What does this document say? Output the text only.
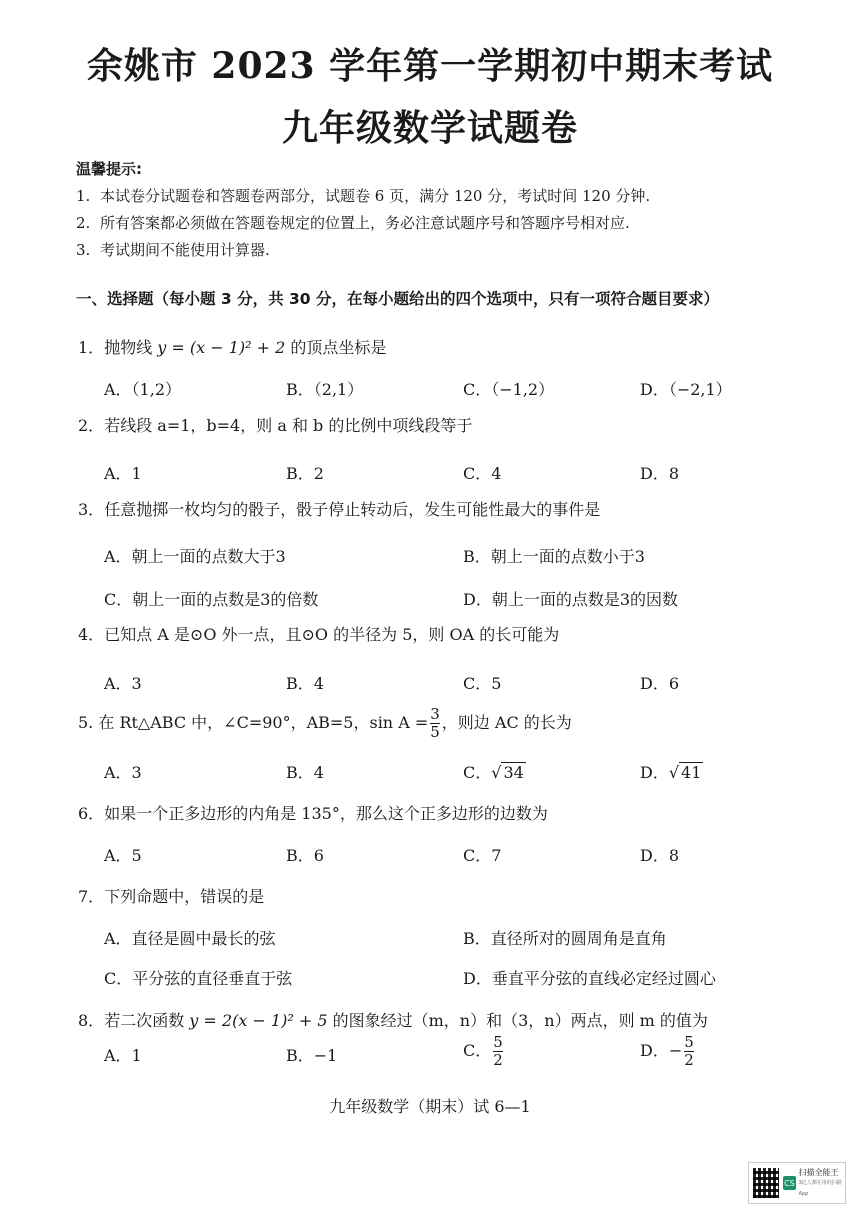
余姚市 2023 学年第一学期初中期末考试
九年级数学试题卷
温馨提示:
1. 本试卷分试题卷和答题卷两部分，试题卷 6 页，满分 120 分，考试时间 120 分钟.
2. 所有答案都必须做在答题卷规定的位置上，务必注意试题序号和答题序号相对应.
3. 考试期间不能使用计算器.
一、选择题（每小题 3 分，共 30 分，在每小题给出的四个选项中，只有一项符合题目要求）
1．抛物线 y = (x − 1)² + 2 的顶点坐标是
A．（1,2）	B．（2,1）	C．（−1,2）	D．（−2,1）
2．若线段 a=1，b=4，则 a 和 b 的比例中项线段等于
A．1	B．2	C．4	D．8
3．任意抛掷一枚均匀的骰子，骰子停止转动后，发生可能性最大的事件是
A．朝上一面的点数大于3	B．朝上一面的点数小于3
C．朝上一面的点数是3的倍数	D．朝上一面的点数是3的因数
4．已知点 A 是⊙O 外一点，且⊙O 的半径为 5，则 OA 的长可能为
A．3	B．4	C．5	D．6
5. 在 Rt△ABC 中，∠C=90°，AB=5，$\sin A = \frac{3}{5}$ ，则边 AC 的长为
A．3	B．4	C．√ 34	D．√ 41
6．如果一个正多边形的内角是 135°，那么这个正多边形的边数为
A．5	B．6	C．7	D．8
7．下列命题中，错误的是
A．直径是圆中最长的弦	B．直径所对的圆周角是直角
C．平分弦的直径垂直于弦	D．垂直平分弦的直线必定经过圆心
8．若二次函数 y = 2(x − 1)² + 5 的图象经过（m，n）和（3，n）两点，则 m 的值为
A．1	B．−1	C． $\frac{5}{2}$	D．− $\frac{5}{2}$
九年级数学（期末）试 6—1
CS
扫描全能王
3亿人都在用的扫描App
